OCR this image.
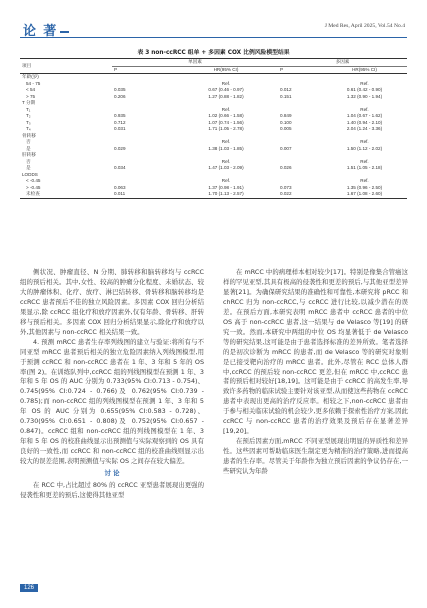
论 著	J Med Res, April 2025, Vol.54 No.4
表 3 non-ccRCC 组单 + 多因素 COX 比例风险模型结果
项目	单因素		多因素	
	P	HR(95% CI)	P	HR(95% CI)
年龄(岁)				
54 - 75		Ref.		Ref.
< 54	0.035	0.67 (0.46 - 0.97)	0.012	0.61 (0.42 - 0.90)
> 75	0.206	1.27 (0.88 - 1.82)	0.151	1.32 (0.90 - 1.94)
T 分期				
T₁		Ref.		Ref.
T₂	0.935	1.02 (0.66 - 1.58)	0.849	1.04 (0.67 - 1.62)
T₃	0.712	1.07 (0.74 - 1.56)	0.100	1.40 (0.94 - 2.10)
T₄	0.031	1.71 (1.05 - 2.78)	0.005	2.04 (1.24 - 3.36)
骨转移				
否		Ref.		Ref.
是	0.029	1.38 (1.03 - 1.85)	0.007	1.50 (1.12 - 2.02)
肝转移				
否		Ref.		Ref.
是	0.034	1.47 (1.03 - 2.09)	0.026	1.51 (1.05 - 2.18)
LODDS				
< -0.45		Ref.		Ref.
> -0.45	0.063	1.37 (0.98 - 1.91)	0.073	1.35 (0.96 - 2.50)
未检查	0.011	1.70 (1.13 - 2.57)	0.022	1.67 (1.08 - 2.60)

侧状况、肿瘤直径、N 分期、肺转移和脑转移均与 ccRCC 组的预后相关。其中,女性、较高的肿瘤分化程度、未婚状态、较大的肿瘤体积、化疗、放疗、淋巴结转移、骨转移和脑转移均是 ccRCC 患者预后不佳的独立风险因素。多因素 COX 回归分析结果显示,除 ccRCC 组化疗和放疗因素外,仅有年龄、骨转移、肝转移与预后相关。多因素 COX 回归分析结果显示,除化疗和放疗以外,其他因素与 non-ccRCC 相关结果一致。

4. 预测 mRCC 患者生存率列线图的建立与验证:将所有与不同亚型 mRCC 患者预后相关的独立危险因素纳入列线图模型,用于预测 ccRCC 和 non-ccRCC 患者在 1 年、3 年和 5 年的 OS 率(图 2)。在训练队列中,ccRCC 组的列线图模型在预测 1 年、3 年和 5 年 OS 的 AUC 分别为 0.733(95% CI:0.713 - 0.754)、0.745(95% CI:0.724 - 0.766)及 0.762(95% CI:0.739 - 0.785);而 non-ccRCC 组的列线图模型在预测 1 年、3 年和 5 年 OS 的 AUC 分别为 0.655(95% CI:0.583 - 0.728)、0.730(95% CI:0.651 - 0.808)及 0.752(95% CI:0.657 - 0.847)。ccRCC 组和 non-ccRCC 组的列线图模型在 1 年、3 年和 5 年 OS 的校准曲线显示出预测值与实际观察到的 OS 具有良好的一致性,而 ccRCC 和 non-ccRCC 组的校准曲线则显示出较大的误差范围,表明预测值与实际 OS 之间存在较大偏差。

讨 论

在 RCC 中,占比超过 80% 的 ccRCC 亚型患者展现出更强的侵袭性和更差的预后,这使得其他亚型

在 mRCC 中的病理样本相对较少[17]。特别是像集合管癌这样的罕见亚型,其具有极高的侵袭性和更差的预后,与其他亚型差异显著[21]。为确保研究结果的准确性和可靠性,本研究将 pRCC 和 chRCC 归为 non-ccRCC,与 ccRCC 进行比较,以减少潜在的误差。在预后方面,本研究表明 mRCC 患者中 ccRCC 患者的中位 OS 高于 non-ccRCC 患者,这一结果与 de Velasco 等[19] 的研究一致。然而,本研究中两组的中位 OS 均显著低于 de Velasco 等的研究结果,这可能是由于患者选择标准的差异所致。笔者选择的是初次诊断为 mRCC 的患者,而 de Velasco 等的研究对象则是已接受靶向治疗的 mRCC 患者。此外,尽管在 RCC 总体人群中,ccRCC 的预后较 non-ccRCC 更差,但在 mRCC 中,ccRCC 患者的预后相对较好[18,19]。这可能是由于 ccRCC 的高发生率,导致许多药物的临床试验主要针对该亚型,从而使这些药物在 ccRCC 患者中表现出更高的治疗反应率。相较之下,non-ccRCC 患者由于参与相关临床试验的机会较少,更多依赖于探索性治疗方案,因此 ccRCC 与 non-ccRCC 患者的治疗效果及预后存在显著差异[19,20]。

在预后因素方面,mRCC 不同亚型展现出明显的异质性和差异性。这些因素可帮助临床医生制定更为精准的治疗策略,进而提高患者的生存率。尽管关于年龄作为独立预后因素的争议仍存在,一些研究认为年龄

126
